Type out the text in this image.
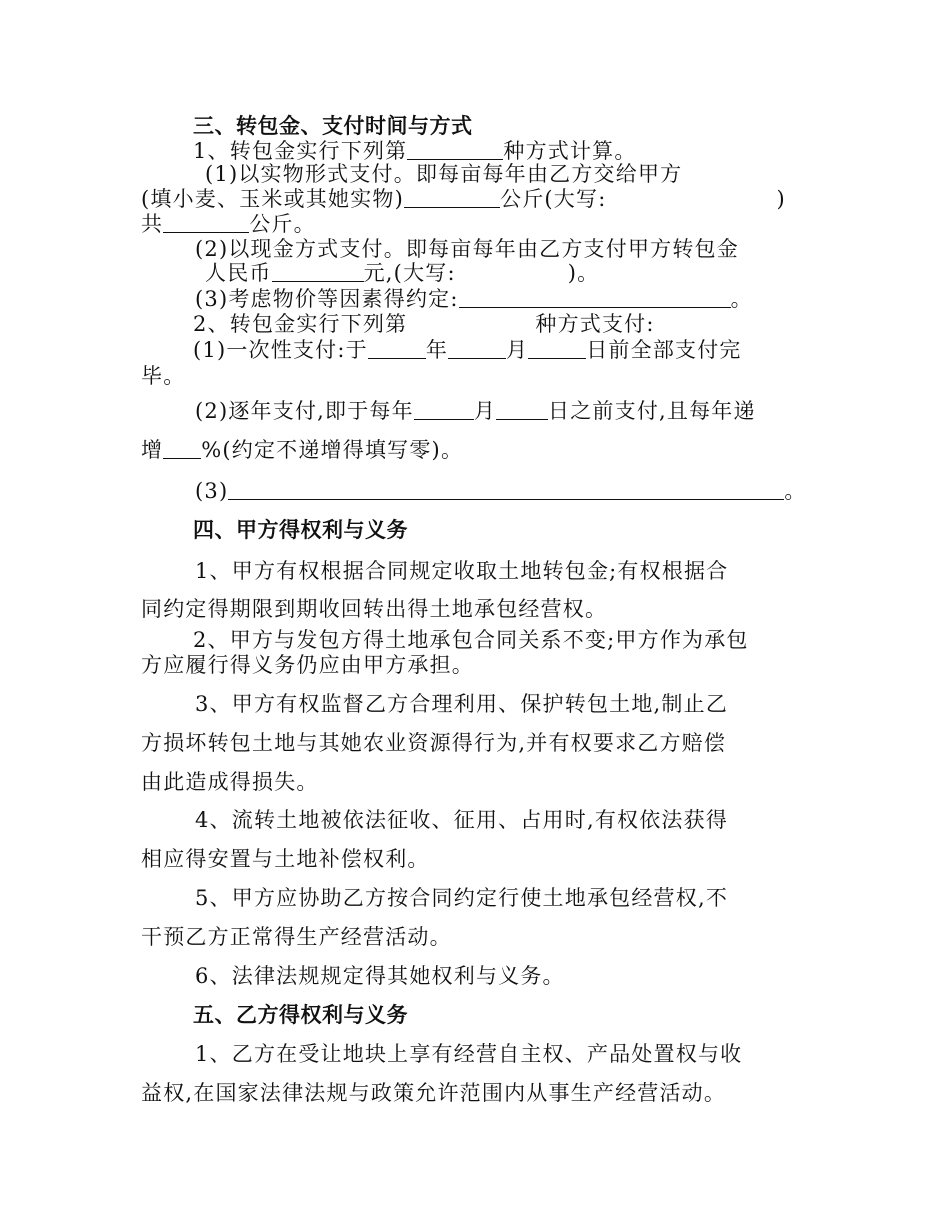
三、转包金、支付时间与方式
1、转包金实行下列第	种方式计算。
(1)以实物形式支付。即每亩每年由乙方交给甲方
(填小麦、玉米或其她实物)	公斤(大写:	)
共	公斤。
(2)以现金方式支付。即每亩每年由乙方支付甲方转包金
人民币	元,(大写:	)。
(3)考虑物价等因素得约定:	。
2、转包金实行下列第	种方式支付:
(1)一次性支付:于	年	月	日前全部支付完
毕。
(2)逐年支付,即于每年	月 日之前支付,且每年递
增 %(约定不递增得填写零)。
(3)	。
四、甲方得权利与义务
1、甲方有权根据合同规定收取土地转包金;有权根据合
同约定得期限到期收回转出得土地承包经营权。
2、甲方与发包方得土地承包合同关系不变;甲方作为承包
方应履行得义务仍应由甲方承担。
3、甲方有权监督乙方合理利用、保护转包土地,制止乙
方损坏转包土地与其她农业资源得行为,并有权要求乙方赔偿
由此造成得损失。
4、流转土地被依法征收、征用、占用时,有权依法获得
相应得安置与土地补偿权利。
5、甲方应协助乙方按合同约定行使土地承包经营权,不
干预乙方正常得生产经营活动。
6、法律法规规定得其她权利与义务。
五、乙方得权利与义务
1、乙方在受让地块上享有经营自主权、产品处置权与收
益权,在国家法律法规与政策允许范围内从事生产经营活动。
